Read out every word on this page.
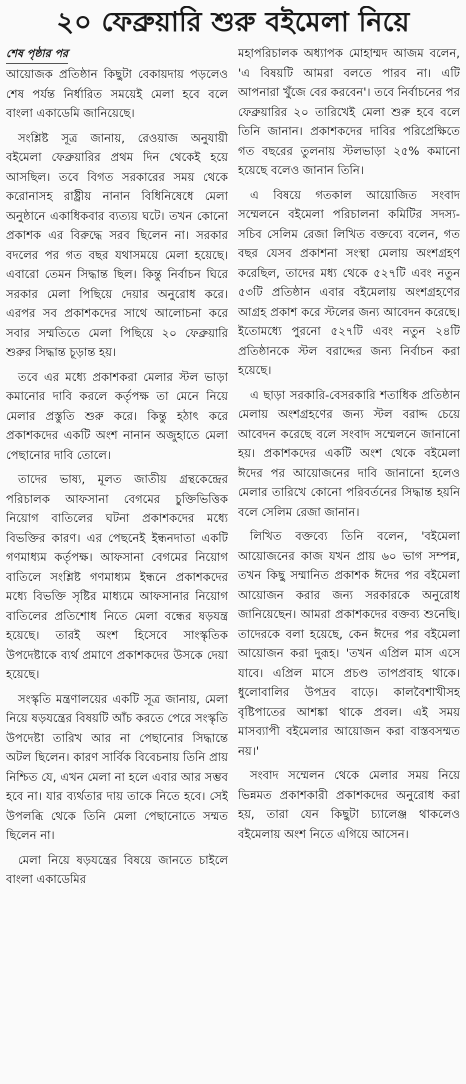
২০ ফেব্রুয়ারি শুরু বইমেলা নিয়ে
শেষ পৃষ্ঠার পর

আয়োজক প্রতিষ্ঠান কিছুটা বেকায়দায় পড়লেও শেষ পর্যন্ত নির্ধারিত সময়েই মেলা হবে বলে বাংলা একাডেমি জানিয়েছে।

সংশ্লিষ্ট সূত্র জানায়, রেওয়াজ অনুযায়ী বইমেলা ফেব্রুয়ারির প্রথম দিন থেকেই হয়ে আসছিল। তবে বিগত সরকারের সময় থেকে করোনাসহ রাষ্ট্রীয় নানান বিধিনিষেধে মেলা অনুষ্ঠানে একাধিকবার ব্যত্যয় ঘটে। তখন কোনো প্রকাশক এর বিরুদ্ধে সরব ছিলেন না। সরকার বদলের পর গত বছর যথাসময়ে মেলা হয়েছে। এবারো তেমন সিদ্ধান্ত ছিল। কিন্তু নির্বাচন ঘিরে সরকার মেলা পিছিয়ে দেয়ার অনুরোধ করে। এরপর সব প্রকাশকদের সাথে আলোচনা করে সবার সম্মতিতে মেলা পিছিয়ে ২০ ফেব্রুয়ারি শুরুর সিদ্ধান্ত চূড়ান্ত হয়।

তবে এর মধ্যে প্রকাশকরা মেলার স্টল ভাড়া কমানোর দাবি করলে কর্তৃপক্ষ তা মেনে নিয়ে মেলার প্রস্তুতি শুরু করে। কিন্তু হঠাৎ করে প্রকাশকদের একটি অংশ নানান অজুহাতে মেলা পেছানোর দাবি তোলে।

তাদের ভাষ্য, মূলত জাতীয় গ্রন্থকেন্দ্রের পরিচালক আফসানা বেগমের চুক্তিভিত্তিক নিয়োগ বাতিলের ঘটনা প্রকাশকদের মধ্যে বিভক্তির কারণ। এর পেছনেই ইন্ধনদাতা একটি গণমাধ্যম কর্তৃপক্ষ। আফসানা বেগমের নিয়োগ বাতিলে সংশ্লিষ্ট গণমাধ্যম ইন্ধনে প্রকাশকদের মধ্যে বিভক্তি সৃষ্টির মাধ্যমে আফসানার নিয়োগ বাতিলের প্রতিশোধ নিতে মেলা বন্ধের ষড়যন্ত্র হয়েছে। তারই অংশ হিসেবে সাংস্কৃতিক উপদেষ্টাকে ব্যর্থ প্রমাণে প্রকাশকদের উসকে দেয়া হয়েছে।

সংস্কৃতি মন্ত্রণালয়ের একটি সূত্র জানায়, মেলা নিয়ে ষড়যন্ত্রের বিষয়টি আঁচ করতে পেরে সংস্কৃতি উপদেষ্টা তারিখ আর না পেছানোর সিদ্ধান্তে অটল ছিলেন। কারণ সার্বিক বিবেচনায় তিনি প্রায় নিশ্চিত যে, এখন মেলা না হলে এবার আর সম্ভব হবে না। যার ব্যর্থতার দায় তাকে নিতে হবে। সেই উপলব্ধি থেকে তিনি মেলা পেছানোতে সম্মত ছিলেন না।

মেলা নিয়ে ষড়যন্ত্রের বিষয়ে জানতে চাইলে বাংলা একাডেমির

মহাপরিচালক অধ্যাপক মোহাম্মদ আজম বলেন, 'এ বিষয়টি আমরা বলতে পারব না। এটি আপনারা খুঁজে বের করবেন'। তবে নির্বাচনের পর ফেব্রুয়ারির ২০ তারিখেই মেলা শুরু হবে বলে তিনি জানান। প্রকাশকদের দাবির পরিপ্রেক্ষিতে গত বছরের তুলনায় স্টলভাড়া ২৫% কমানো হয়েছে বলেও জানান তিনি।

এ বিষয়ে গতকাল আয়োজিত সংবাদ সম্মেলনে বইমেলা পরিচালনা কমিটির সদস্য-সচিব সেলিম রেজা লিখিত বক্তব্যে বলেন, গত বছর যেসব প্রকাশনা সংস্থা মেলায় অংশগ্রহণ করেছিল, তাদের মধ্য থেকে ৫২৭টি এবং নতুন ৫৩টি প্রতিষ্ঠান এবার বইমেলায় অংশগ্রহণের আগ্রহ প্রকাশ করে স্টলের জন্য আবেদন করেছে। ইতোমধ্যে পুরনো ৫২৭টি এবং নতুন ২৪টি প্রতিষ্ঠানকে স্টল বরাদ্দের জন্য নির্বাচন করা হয়েছে।

এ ছাড়া সরকারি-বেসরকারি শতাধিক প্রতিষ্ঠান মেলায় অংশগ্রহণের জন্য স্টল বরাদ্দ চেয়ে আবেদন করেছে বলে সংবাদ সম্মেলনে জানানো হয়। প্রকাশকদের একটি অংশ থেকে বইমেলা ঈদের পর আয়োজনের দাবি জানানো হলেও মেলার তারিখে কোনো পরিবর্তনের সিদ্ধান্ত হয়নি বলে সেলিম রেজা জানান।

লিখিত বক্তব্যে তিনি বলেন, 'বইমেলা আয়োজনের কাজ যখন প্রায় ৬০ ভাগ সম্পন্ন, তখন কিছু সম্মানিত প্রকাশক ঈদের পর বইমেলা আয়োজন করার জন্য সরকারকে অনুরোধ জানিয়েছেন। আমরা প্রকাশকদের বক্তব্য শুনেছি। তাদেরকে বলা হয়েছে, কেন ঈদের পর বইমেলা আয়োজন করা দুরূহ। 'তখন এপ্রিল মাস এসে যাবে। এপ্রিল মাসে প্রচণ্ড তাপপ্রবাহ থাকে। ধুলোবালির উপদ্রব বাড়ে। কালবৈশাখীসহ বৃষ্টিপাতের আশঙ্কা থাকে প্রবল। এই সময় মাসব্যাপী বইমেলার আয়োজন করা বাস্তবসম্মত নয়।'

সংবাদ সম্মেলন থেকে মেলার সময় নিয়ে ভিন্নমত প্রকাশকারী প্রকাশকদের অনুরোধ করা হয়, তারা যেন কিছুটা চ্যালেঞ্জ থাকলেও বইমেলায় অংশ নিতে এগিয়ে আসেন।
